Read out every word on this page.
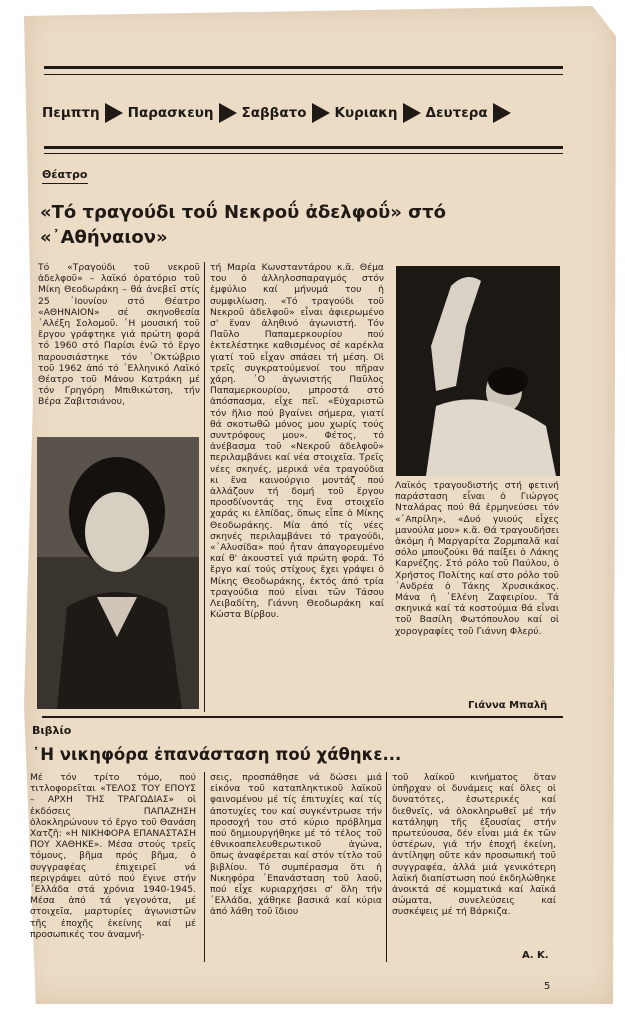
Πεμπτη Παρασκευη Σαββατο Κυριακη Δευτερα
Θέατρο
«Τό τραγούδι τοΰ Νεκροΰ ἀδελφοΰ» στό «᾿Αθήναιον»
Τό «Τραγούδι τοῦ νεκροῦ ἀδελφοῦ» – λαϊκό ὀρατόριο τοῦ Μίκη Θεοδωράκη – θά ἀνεβεῖ στίς 25 ᾿Ιουνίου στό Θέατρο «ΑΘΗΝΑΙΟΝ» σέ σκηνοθεσία ᾿Αλέξη Σολομοῦ. ῾Η μουσική τοῦ ἔργου γράφτηκε γιά πρώτη φορά τό 1960 στό Παρίσι ἐνῶ τό ἔργο παρουσιάστηκε τόν ᾿Οκτώβριο τοῦ 1962 ἀπό τό ῾Ελληνικό Λαϊκό Θέατρο τοῦ Μάνου Κατράκη μέ τόν Γρηγόρη Μπιθικώτση, τήν Βέρα Ζαβιτσιάνου,
τή Μαρία Κωνσταντάρου κ.ἄ. Θέμα του ὁ ἀλληλοσπαραγμός στόν ἐμφύλιο καί μήνυμά του ἡ συμφιλίωση. «Τό τραγούδι τοῦ Νεκροῦ ἀδελφοῦ» εἶναι ἀφιερωμένο σ' ἕναν ἀληθινό ἀγωνιστή. Τόν Παῦλο Παπαμερκουρίου πού ἐκτελέστηκε καθισμένος σέ καρέκλα γιατί τοῦ εἶχαν σπάσει τή μέση. Οἱ τρεῖς συγκρατούμενοί του πῆραν χάρη. ῾Ο ἀγωνιστής Παῦλος Παπαμερκουρίου, μπροστά στό ἀπόσπασμα, εἶχε πεῖ. «Εὐχαριστῶ τόν ἥλιο πού βγαίνει σήμερα, γιατί θά σκοτωθῶ μόνος μου χωρίς τούς συντρόφους μου». Φέτος, τό ἀνέβασμα τοῦ «Νεκροῦ ἀδελφοῦ» περιλαμβάνει καί νέα στοιχεῖα. Τρεῖς νέες σκηνές, μερικά νέα τραγούδια κι ἕνα καινούργιο μοντάζ πού ἀλλάζουν τή δομή τοῦ ἔργου προσδίνοντάς της ἕνα στοιχεῖο χαράς κι ἐλπίδας, ὅπως εἶπε ὁ Μίκης Θεοδωράκης. Μία ἀπό τίς νέες σκηνές περιλαμβάνει τό τραγούδι, «᾿Αλυσίδα» πού ἦταν ἀπαγορευμένο καί θ' ἀκουστεῖ γιά πρώτη φορά. Τό ἔργο καί τούς στίχους ἔχει γράψει ὁ Μίκης Θεοδωράκης, ἐκτός ἀπό τρία τραγούδια πού εἶναι τῶν Τάσου Λειβαδίτη, Γιάννη Θεοδωράκη καί Κώστα Βίρβου.
Λαϊκός τραγουδιστής στή φετινή παράσταση εἶναι ὁ Γιώργος Νταλάρας πού θά ἑρμηνεύσει τόν «᾿Απρίλη», «Δυό γυιούς εἶχες μανούλα μου» κ.ἄ. Θά τραγουδήσει ἀκόμη ἡ Μαργαρίτα Ζορμπαλᾶ καί σόλο μπουζούκι θά παίξει ὁ Λάκης Καρνέζης. Στό ρόλο τοῦ Παύλου, ὁ Χρήστος Πολίτης καί στο ρόλο τοῦ ᾿Ανδρέα ὁ Τάκης Χρυσικάκος. Μάνα ἡ ᾿Ελένη Ζαφειρίου. Τά σκηνικά καί τά κοστούμια θά εἶναι τοῦ Βασίλη Φωτόπουλου καί οἱ χορογραφίες τοῦ Γιάννη Φλερύ.
Γιάννα Μπαλῆ
Βιβλίο
῾Η νικηφόρα ἐπανάσταση πού χάθηκε...
Μέ τόν τρίτο τόμο, πού τιτλοφορεῖται «ΤΕΛΟΣ ΤΟΥ ΕΠΟΥΣ – ΑΡΧΗ ΤΗΣ ΤΡΑΓΩΔΙΑΣ» οἱ ἐκδόσεις ΠΑΠΑΖΗΣΗ ὁλοκληρώνουν τό ἔργο τοῦ Θανάση Χατζῆ: «Η ΝΙΚΗΦΟΡΑ ΕΠΑΝΑΣΤΑΣΗ ΠΟΥ ΧΑΘΗΚΕ». Μέσα στούς τρεῖς τόμους, βῆμα πρός βῆμα, ὁ συγγραφέας ἐπιχειρεῖ νά περιγράψει αὐτό πού ἔγινε στήν ᾿Ελλάδα στά χρόνια 1940-1945. Μέσα ἀπό τά γεγονότα, μέ στοιχεῖα, μαρτυρίες ἀγωνιστῶν τῆς ἐποχῆς ἐκείνης καί μέ προσωπικές του ἀναμνή-
σεις, προσπάθησε νά δώσει μιά εἰκόνα τοῦ καταπληκτικοῦ λαϊκοῦ φαινομένου μέ τίς ἐπιτυχίες καί τίς ἀποτυχίες του καί συγκέντρωσε τήν προσοχή του στό κύριο πρόβλημα πού δημιουργήθηκε μέ τό τέλος τοῦ ἐθνικοαπελευθερωτικοῦ ἀγώνα, ὅπως ἀναφέρεται καί στόν τίτλο τοῦ βιβλίου. Τό συμπέρασμα ὅτι ἡ Νικηφόρα ᾿Επανάσταση τοῦ λαοῦ, πού εἶχε κυριαρχήσει σ' ὅλη τήν ᾿Ελλάδα, χάθηκε βασικά καί κύρια ἀπό λάθη τοῦ ἴδιου
τοῦ λαϊκοῦ κινήματος ὅταν ὑπῆρχαν οἱ δυνάμεις καί ὅλες οἱ δυνατότες, ἐσωτερικές καί διεθνεῖς, νά ὁλοκληρωθεῖ μέ τήν κατάληψη τῆς ἐξουσίας στήν πρωτεύουσα, δέν εἶναι μιά ἐκ τῶν ὑστέρων, γιά τήν ἐποχή ἐκείνη, ἀντίληψη οὔτε κάν προσωπική τοῦ συγγραφέα, ἀλλά μιά γενικότερη λαϊκή διαπίστωση πού ἐκδηλώθηκε ἀνοικτά σέ κομματικά καί λαϊκά σώματα, συνελεύσεις καί συσκέψεις μέ τή Βάρκιζα.
Α. Κ.
5
